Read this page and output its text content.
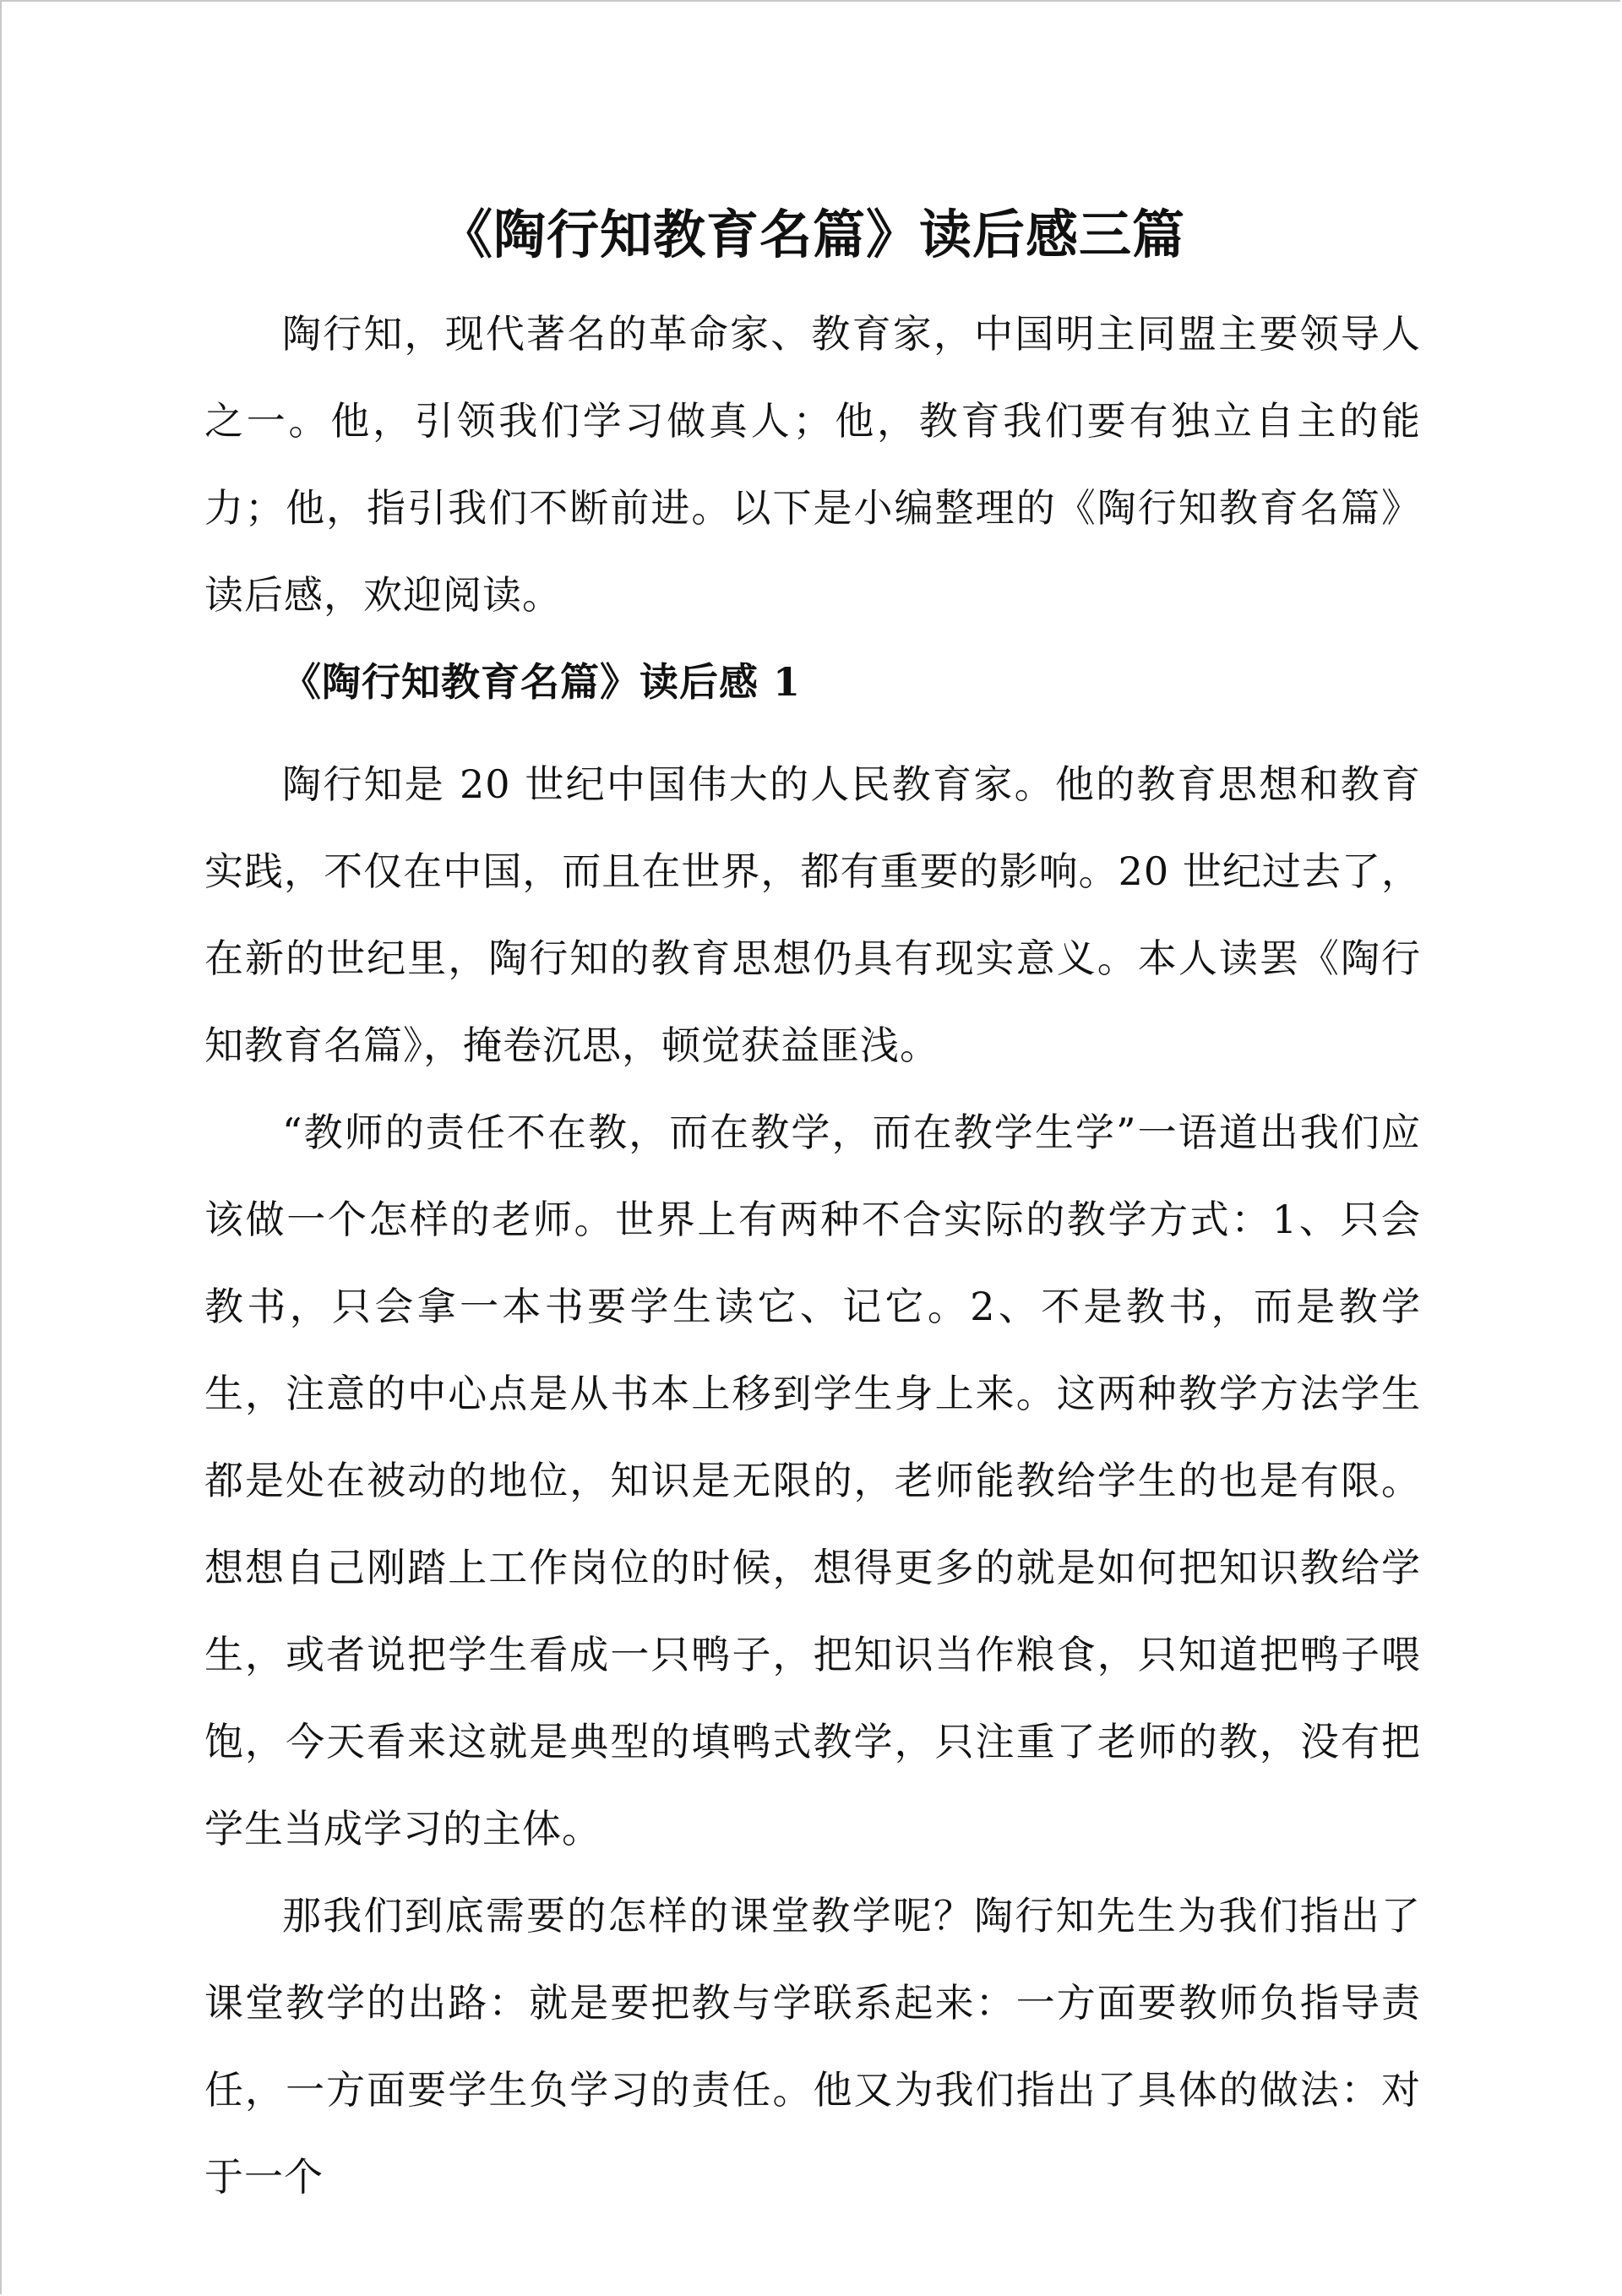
《陶行知教育名篇》读后感三篇

陶行知，现代著名的革命家、教育家，中国明主同盟主要领导人之一。他，引领我们学习做真人；他，教育我们要有独立自主的能力；他，指引我们不断前进。以下是小编整理的《陶行知教育名篇》读后感，欢迎阅读。

《陶行知教育名篇》读后感 1

陶行知是 20 世纪中国伟大的人民教育家。他的教育思想和教育实践，不仅在中国，而且在世界，都有重要的影响。20 世纪过去了，在新的世纪里，陶行知的教育思想仍具有现实意义。本人读罢《陶行知教育名篇》，掩卷沉思，顿觉获益匪浅。

“教师的责任不在教，而在教学，而在教学生学”一语道出我们应该做一个怎样的老师。世界上有两种不合实际的教学方式：1、只会教书，只会拿一本书要学生读它、记它。2、不是教书，而是教学生，注意的中心点是从书本上移到学生身上来。这两种教学方法学生都是处在被动的地位，知识是无限的，老师能教给学生的也是有限。想想自己刚踏上工作岗位的时候，想得更多的就是如何把知识教给学生，或者说把学生看成一只鸭子，把知识当作粮食，只知道把鸭子喂饱，今天看来这就是典型的填鸭式教学，只注重了老师的教，没有把学生当成学习的主体。

那我们到底需要的怎样的课堂教学呢？陶行知先生为我们指出了课堂教学的出路：就是要把教与学联系起来：一方面要教师负指导责任，一方面要学生负学习的责任。他又为我们指出了具体的做法：对于一个
